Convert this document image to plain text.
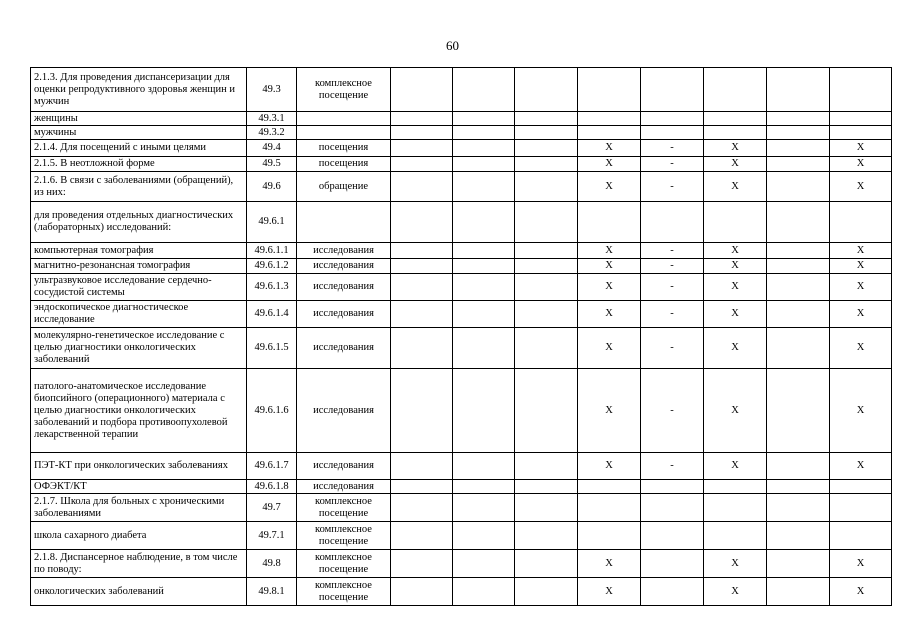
60
2.1.3. Для проведения диспансеризации для оценки репродуктивного здоровья женщин и мужчин	49.3	комплексное посещение								
женщины	49.3.1									
мужчины	49.3.2									
2.1.4. Для посещений с иными целями	49.4	посещения				X	-	X		X
2.1.5. В неотложной форме	49.5	посещения				X	-	X		X
2.1.6. В связи с заболеваниями (обращений), из них:	49.6	обращение				X	-	X		X
для проведения отдельных диагностических (лабораторных) исследований:	49.6.1									
компьютерная томография	49.6.1.1	исследования				X	-	X		X
магнитно-резонансная томография	49.6.1.2	исследования				X	-	X		X
ультразвуковое исследование сердечно-сосудистой системы	49.6.1.3	исследования				X	-	X		X
эндоскопическое диагностическое исследование	49.6.1.4	исследования				X	-	X		X
молекулярно-генетическое исследование с целью диагностики онкологических заболеваний	49.6.1.5	исследования				X	-	X		X
патолого-анатомическое исследование биопсийного (операционного) материала с целью диагностики онкологических заболеваний и подбора противоопухолевой лекарственной терапии	49.6.1.6	исследования				X	-	X		X
ПЭТ-КТ при онкологических заболеваниях	49.6.1.7	исследования				X	-	X		X
ОФЭКТ/КТ	49.6.1.8	исследования								
2.1.7. Школа для больных с хроническими заболеваниями	49.7	комплексное посещение								
школа сахарного диабета	49.7.1	комплексное посещение								
2.1.8. Диспансерное наблюдение, в том числе по поводу:	49.8	комплексное посещение				X		X		X
онкологических заболеваний	49.8.1	комплексное посещение				X		X		X
